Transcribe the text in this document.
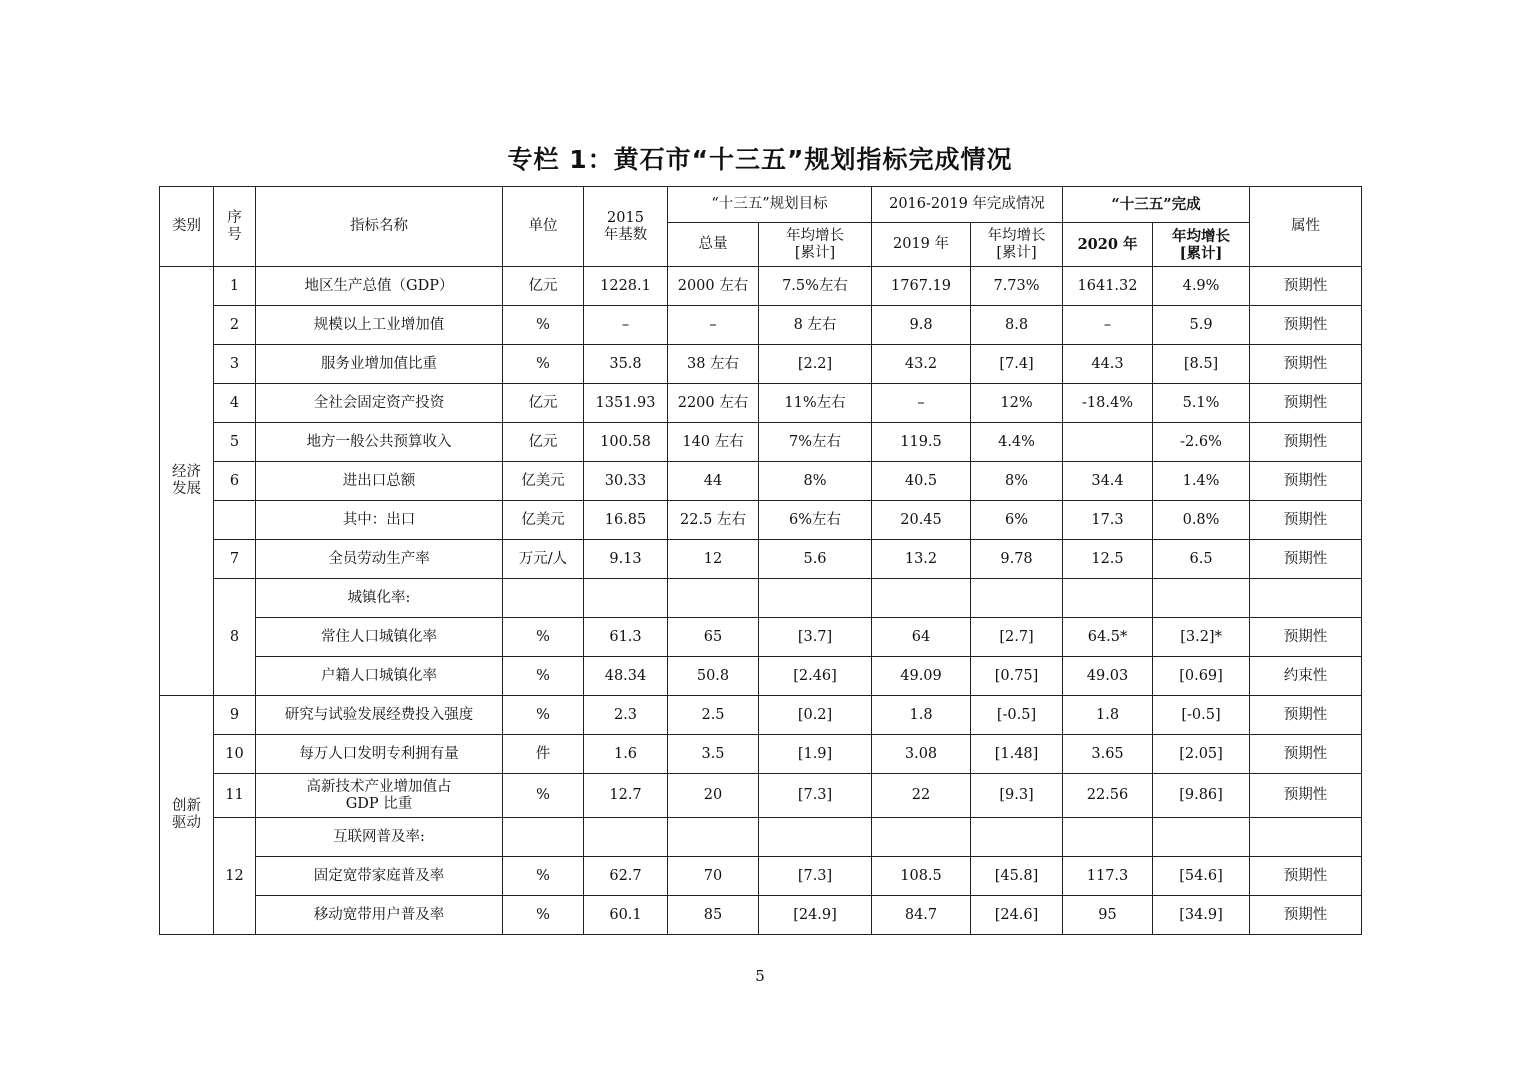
专栏 1：黄石市“十三五”规划指标完成情况
类别	序号	指标名称	单位	2015 年基数	“十三五”规划目标		2016-2019 年完成情况		“十三五”完成		属性
					总量	年均增长[累计]	2019 年	年均增长[累计]	2020 年	年均增长[累计]	
经济发展	1	地区生产总值（GDP）	亿元	1228.1	2000 左右	7.5%左右	1767.19	7.73%	1641.32	4.9%	预期性
	2	规模以上工业增加值	%	–	–	8 左右	9.8	8.8	–	5.9	预期性
	3	服务业增加值比重	%	35.8	38 左右	[2.2]	43.2	[7.4]	44.3	[8.5]	预期性
	4	全社会固定资产投资	亿元	1351.93	2200 左右	11%左右	–	12%	-18.4%	5.1%	预期性
	5	地方一般公共预算收入	亿元	100.58	140 左右	7%左右	119.5	4.4%		-2.6%	预期性
	6	进出口总额	亿美元	30.33	44	8%	40.5	8%	34.4	1.4%	预期性
		其中：出口	亿美元	16.85	22.5 左右	6%左右	20.45	6%	17.3	0.8%	预期性
	7	全员劳动生产率	万元/人	9.13	12	5.6	13.2	9.78	12.5	6.5	预期性
	8	城镇化率:									
		常住人口城镇化率	%	61.3	65	[3.7]	64	[2.7]	64.5*	[3.2]*	预期性
		户籍人口城镇化率	%	48.34	50.8	[2.46]	49.09	[0.75]	49.03	[0.69]	约束性
创新驱动	9	研究与试验发展经费投入强度	%	2.3	2.5	[0.2]	1.8	[-0.5]	1.8	[-0.5]	预期性
	10	每万人口发明专利拥有量	件	1.6	3.5	[1.9]	3.08	[1.48]	3.65	[2.05]	预期性
	11	高新技术产业增加值占GDP 比重	%	12.7	20	[7.3]	22	[9.3]	22.56	[9.86]	预期性
	12	互联网普及率:									
		固定宽带家庭普及率	%	62.7	70	[7.3]	108.5	[45.8]	117.3	[54.6]	预期性
		移动宽带用户普及率	%	60.1	85	[24.9]	84.7	[24.6]	95	[34.9]	预期性
5
